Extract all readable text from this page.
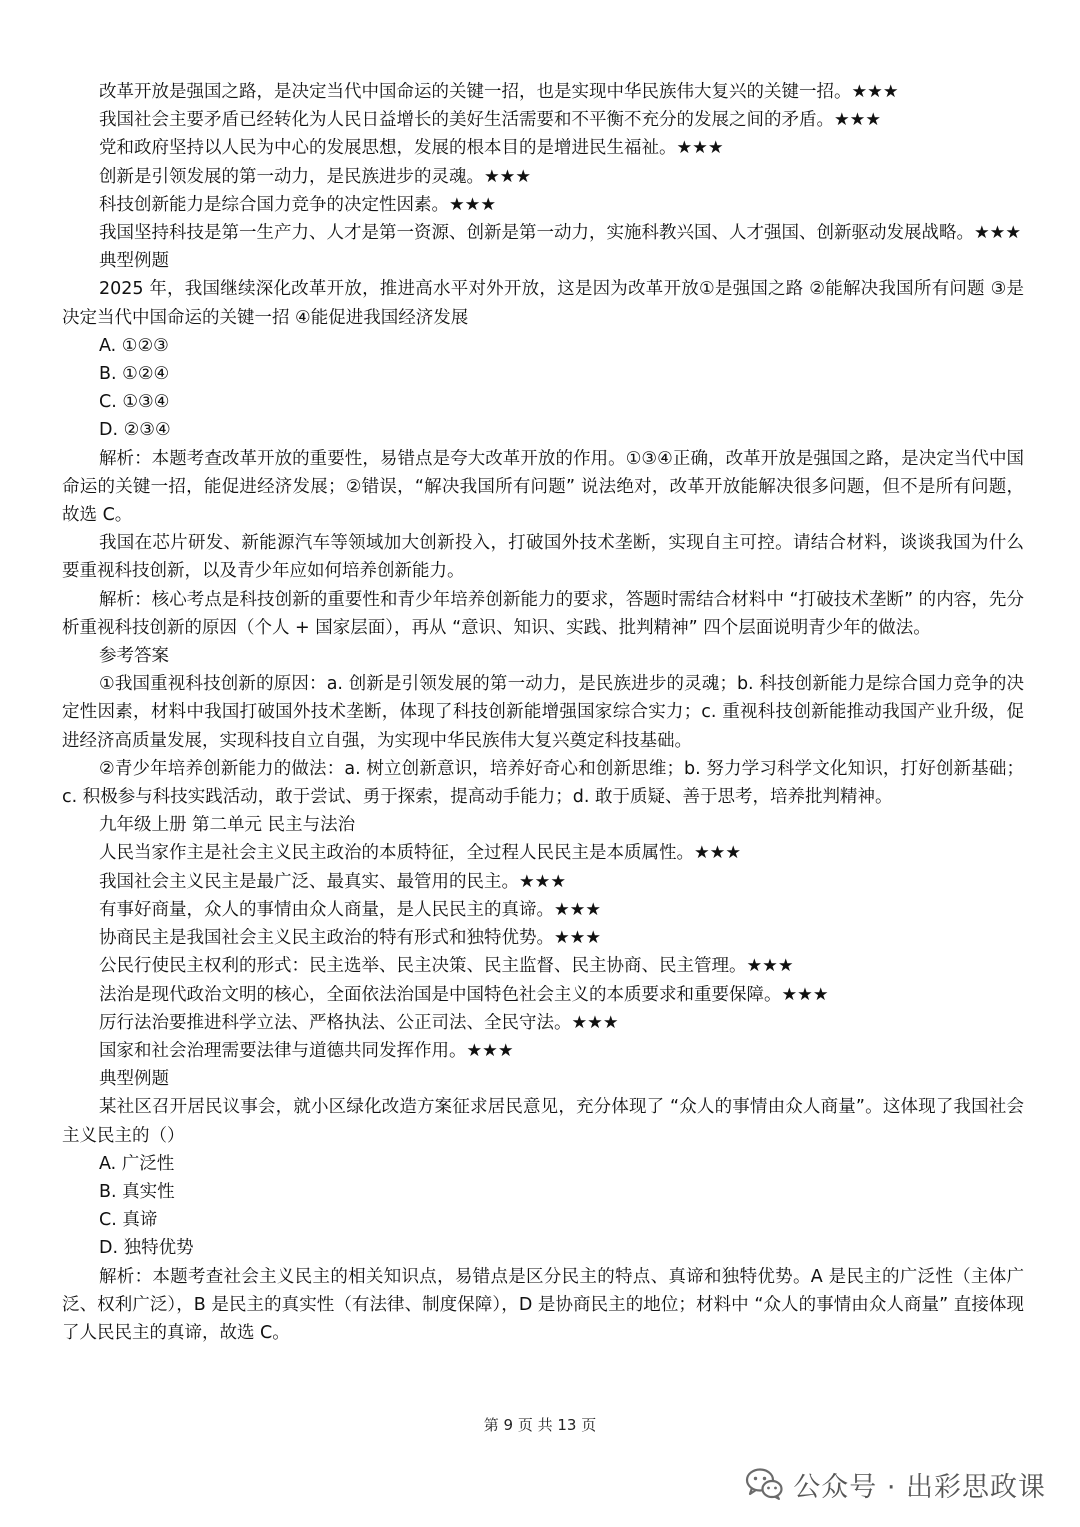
改革开放是强国之路，是决定当代中国命运的关键一招，也是实现中华民族伟大复兴的关键一招。★★★
我国社会主要矛盾已经转化为人民日益增长的美好生活需要和不平衡不充分的发展之间的矛盾。★★★
党和政府坚持以人民为中心的发展思想，发展的根本目的是增进民生福祉。★★★
创新是引领发展的第一动力，是民族进步的灵魂。★★★
科技创新能力是综合国力竞争的决定性因素。★★★

我国坚持科技是第一生产力、人才是第一资源、创新是第一动力，实施科教兴国、人才强国、创新驱动发展战略。★★★

典型例题

2025 年，我国继续深化改革开放，推进高水平对外开放，这是因为改革开放①是强国之路 ②能解决我国所有问题 ③是决定当代中国命运的关键一招 ④能促进我国经济发展

A. ①②③
B. ①②④
C. ①③④
D. ②③④

解析：本题考查改革开放的重要性，易错点是夸大改革开放的作用。①③④正确，改革开放是强国之路，是决定当代中国命运的关键一招，能促进经济发展；②错误，“解决我国所有问题” 说法绝对，改革开放能解决很多问题，但不是所有问题，故选 C。

我国在芯片研发、新能源汽车等领域加大创新投入，打破国外技术垄断，实现自主可控。请结合材料，谈谈我国为什么要重视科技创新，以及青少年应如何培养创新能力。

解析：核心考点是科技创新的重要性和青少年培养创新能力的要求，答题时需结合材料中 “打破技术垄断” 的内容，先分析重视科技创新的原因（个人 + 国家层面），再从 “意识、知识、实践、批判精神” 四个层面说明青少年的做法。

参考答案

①我国重视科技创新的原因：a. 创新是引领发展的第一动力，是民族进步的灵魂；b. 科技创新能力是综合国力竞争的决定性因素，材料中我国打破国外技术垄断，体现了科技创新能增强国家综合实力；c. 重视科技创新能推动我国产业升级，促进经济高质量发展，实现科技自立自强，为实现中华民族伟大复兴奠定科技基础。

②青少年培养创新能力的做法：a. 树立创新意识，培养好奇心和创新思维；b. 努力学习科学文化知识，打好创新基础；c. 积极参与科技实践活动，敢于尝试、勇于探索，提高动手能力；d. 敢于质疑、善于思考，培养批判精神。

九年级上册 第二单元 民主与法治
人民当家作主是社会主义民主政治的本质特征，全过程人民民主是本质属性。★★★
我国社会主义民主是最广泛、最真实、最管用的民主。★★★
有事好商量，众人的事情由众人商量，是人民民主的真谛。★★★
协商民主是我国社会主义民主政治的特有形式和独特优势。★★★
公民行使民主权利的形式：民主选举、民主决策、民主监督、民主协商、民主管理。★★★
法治是现代政治文明的核心，全面依法治国是中国特色社会主义的本质要求和重要保障。★★★
厉行法治要推进科学立法、严格执法、公正司法、全民守法。★★★
国家和社会治理需要法律与道德共同发挥作用。★★★
典型例题

某社区召开居民议事会，就小区绿化改造方案征求居民意见，充分体现了 “众人的事情由众人商量”。这体现了我国社会主义民主的（）

A. 广泛性
B. 真实性
C. 真谛
D. 独特优势

解析：本题考查社会主义民主的相关知识点，易错点是区分民主的特点、真谛和独特优势。A 是民主的广泛性（主体广泛、权利广泛），B 是民主的真实性（有法律、制度保障），D 是协商民主的地位；材料中 “众人的事情由众人商量” 直接体现了人民民主的真谛，故选 C。

第 9 页 共 13 页
公众号 · 出彩思政课
